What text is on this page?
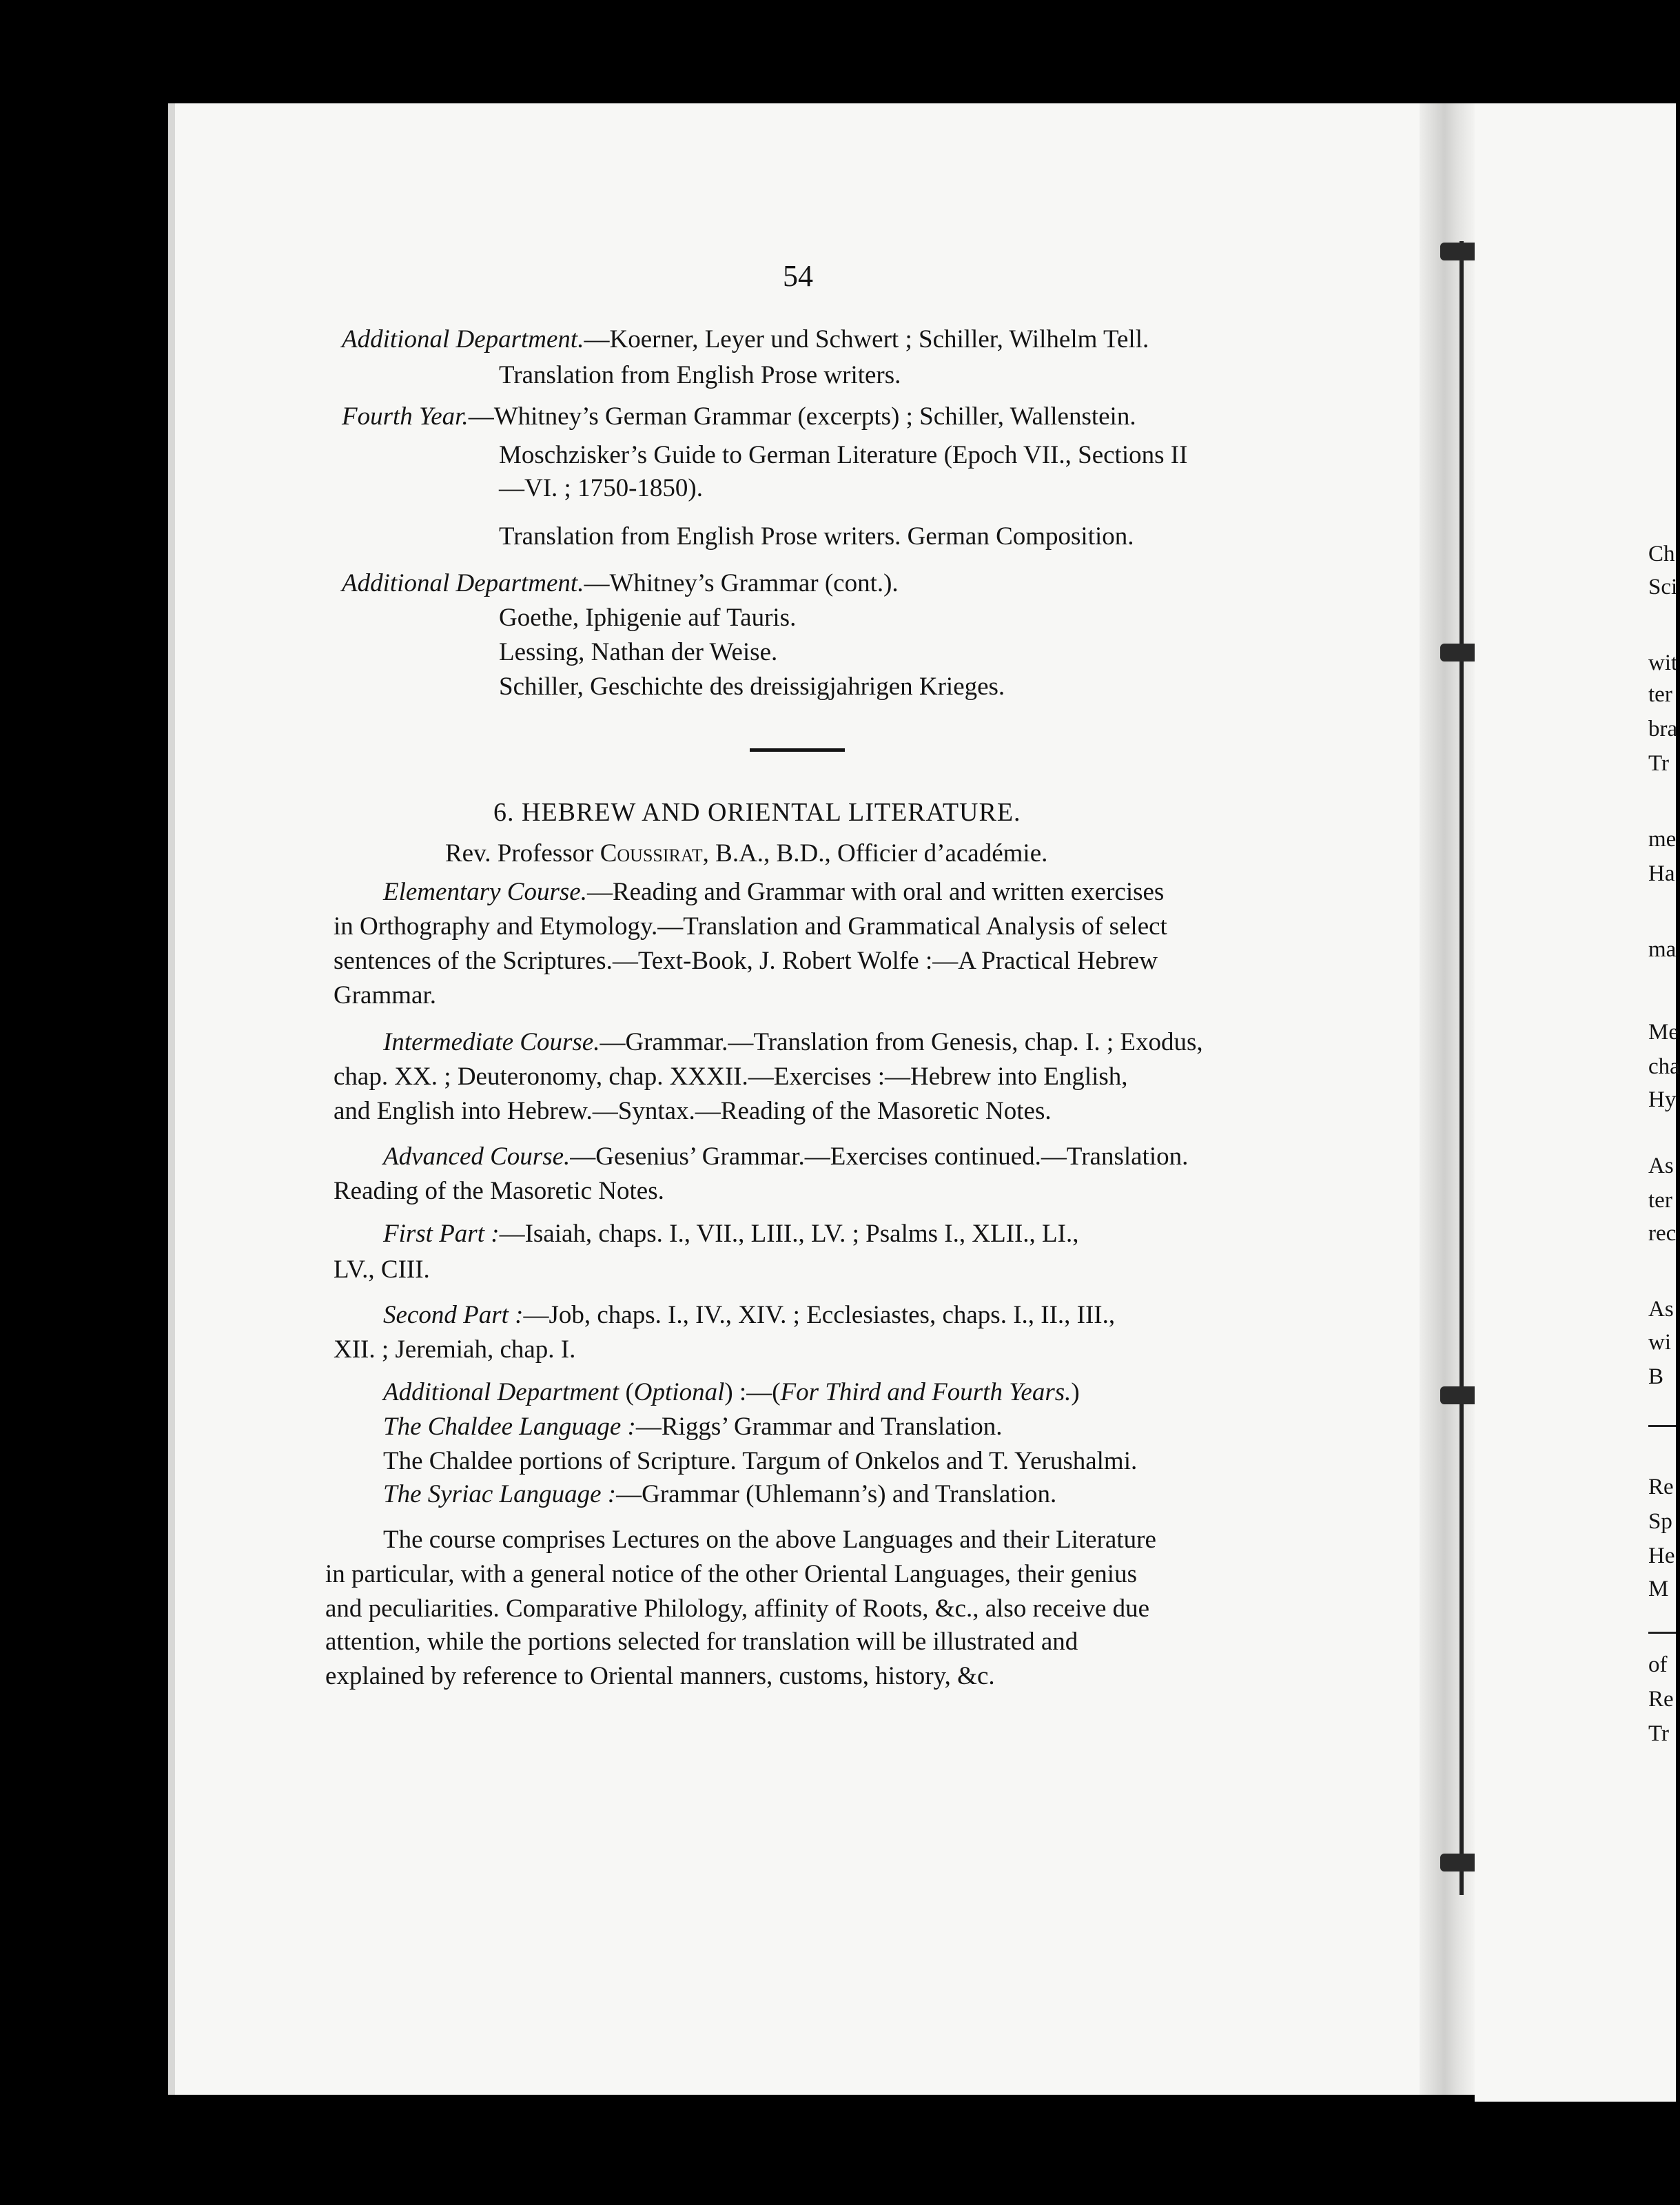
Ch
Sci
wit
ter
bra
Tr
me
Ha
ma
Me
cha
Hy
As
ter
rec
As
wi
B
Re
Sp
He
M
of
Re
Tr
54
Additional Department.—Koerner, Leyer und Schwert ; Schiller, Wilhelm Tell.
Translation from English Prose writers.
Fourth Year.—Whitney’s German Grammar (excerpts) ; Schiller, Wallenstein.
Moschzisker’s Guide to German Literature (Epoch VII., Sections II
—VI. ; 1750-1850).
Translation from English Prose writers. German Composition.
Additional Department.—Whitney’s Grammar (cont.).
Goethe, Iphigenie auf Tauris.
Lessing, Nathan der Weise.
Schiller, Geschichte des dreissigjahrigen Krieges.
6. HEBREW AND ORIENTAL LITERATURE.
Rev. Professor Coussirat, B.A., B.D., Officier d’académie.
Elementary Course.—Reading and Grammar with oral and written exercises
in Orthography and Etymology.—Translation and Grammatical Analysis of select
sentences of the Scriptures.—Text-Book, J. Robert Wolfe :—A Practical Hebrew
Grammar.
Intermediate Course.—Grammar.—Translation from Genesis, chap. I. ; Exodus,
chap. XX. ; Deuteronomy, chap. XXXII.—Exercises :—Hebrew into English,
and English into Hebrew.—Syntax.—Reading of the Masoretic Notes.
Advanced Course.—Gesenius’ Grammar.—Exercises continued.—Translation.
Reading of the Masoretic Notes.
First Part :—Isaiah, chaps. I., VII., LIII., LV. ; Psalms I., XLII., LI.,
LV., CIII.
Second Part :—Job, chaps. I., IV., XIV. ; Ecclesiastes, chaps. I., II., III.,
XII. ; Jeremiah, chap. I.
Additional Department (Optional) :—(For Third and Fourth Years.)
The Chaldee Language :—Riggs’ Grammar and Translation.
The Chaldee portions of Scripture. Targum of Onkelos and T. Yerushalmi.
The Syriac Language :—Grammar (Uhlemann’s) and Translation.
The course comprises Lectures on the above Languages and their Literature
in particular, with a general notice of the other Oriental Languages, their genius
and peculiarities. Comparative Philology, affinity of Roots, &c., also receive due
attention, while the portions selected for translation will be illustrated and
explained by reference to Oriental manners, customs, history, &c.
